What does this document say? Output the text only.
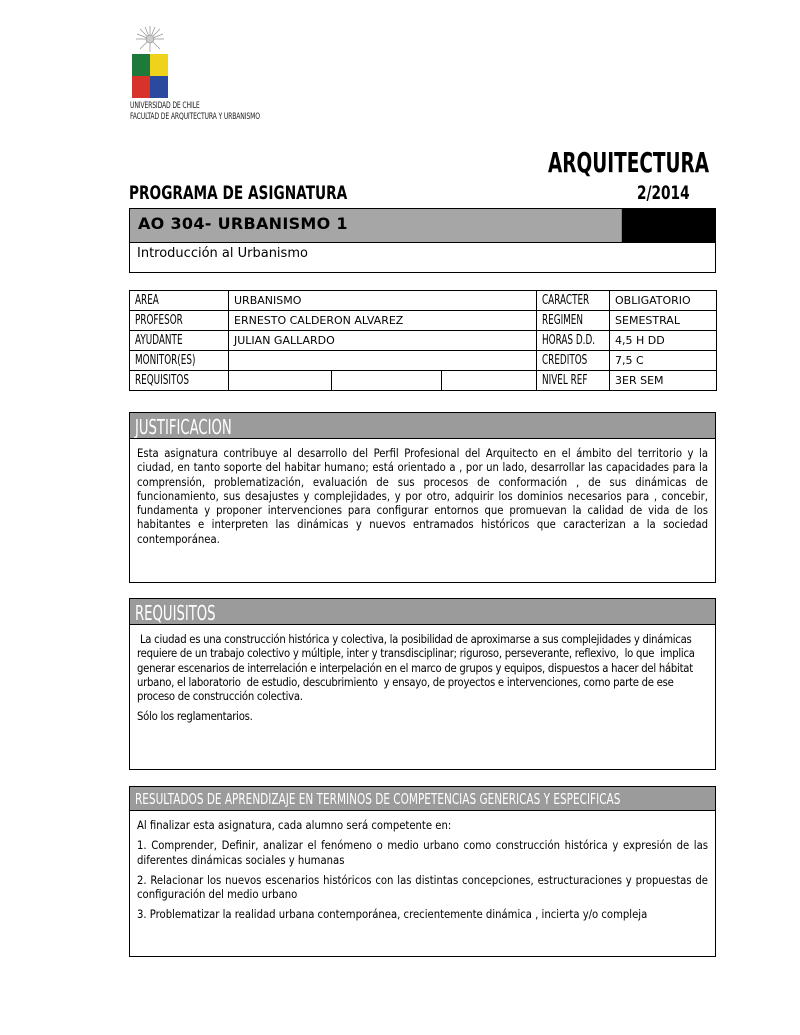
UNIVERSIDAD DE CHILE
FACULTAD DE ARQUITECTURA Y URBANISMO
ARQUITECTURA
PROGRAMA DE ASIGNATURA	2/2014
AO 304- URBANISMO 1
Introducción al Urbanismo
AREA	URBANISMO			CARACTER	OBLIGATORIO
PROFESOR	ERNESTO CALDERON ALVAREZ			REGIMEN	SEMESTRAL
AYUDANTE	JULIAN GALLARDO			HORAS D.D.	4,5 H DD
MONITOR(ES)				CREDITOS	7,5 C
REQUISITOS				NIVEL REF	3ER SEM
JUSTIFICACION

Esta asignatura contribuye al desarrollo del Perfil Profesional del Arquitecto en el ámbito del territorio y la ciudad, en tanto soporte del habitar humano; está orientado a , por un lado, desarrollar las capacidades para la comprensión, problematización, evaluación de sus procesos de conformación , de sus dinámicas de funcionamiento, sus desajustes y complejidades, y por otro, adquirir los dominios necesarios para , concebir, fundamenta y proponer intervenciones para configurar entornos que promuevan la calidad de vida de los habitantes e interpreten las dinámicas y nuevos entramados históricos que caracterizan a la sociedad contemporánea.

REQUISITOS

La ciudad es una construcción histórica y colectiva, la posibilidad de aproximarse a sus complejidades y dinámicas requiere de un trabajo colectivo y múltiple, inter y transdisciplinar; riguroso, perseverante, reflexivo,  lo que  implica generar escenarios de interrelación e interpelación en el marco de grupos y equipos, dispuestos a hacer del hábitat urbano, el laboratorio  de estudio, descubrimiento  y ensayo, de proyectos e intervenciones, como parte de ese proceso de construcción colectiva.

Sólo los reglamentarios.

RESULTADOS DE APRENDIZAJE EN TERMINOS DE COMPETENCIAS GENERICAS Y ESPECIFICAS

Al finalizar esta asignatura, cada alumno será competente en:

1. Comprender, Definir, analizar el fenómeno o medio urbano como construcción histórica y expresión de las diferentes dinámicas sociales y humanas

2. Relacionar los nuevos escenarios históricos con las distintas concepciones, estructuraciones y propuestas de configuración del medio urbano

3. Problematizar la realidad urbana contemporánea, crecientemente dinámica , incierta y/o compleja
